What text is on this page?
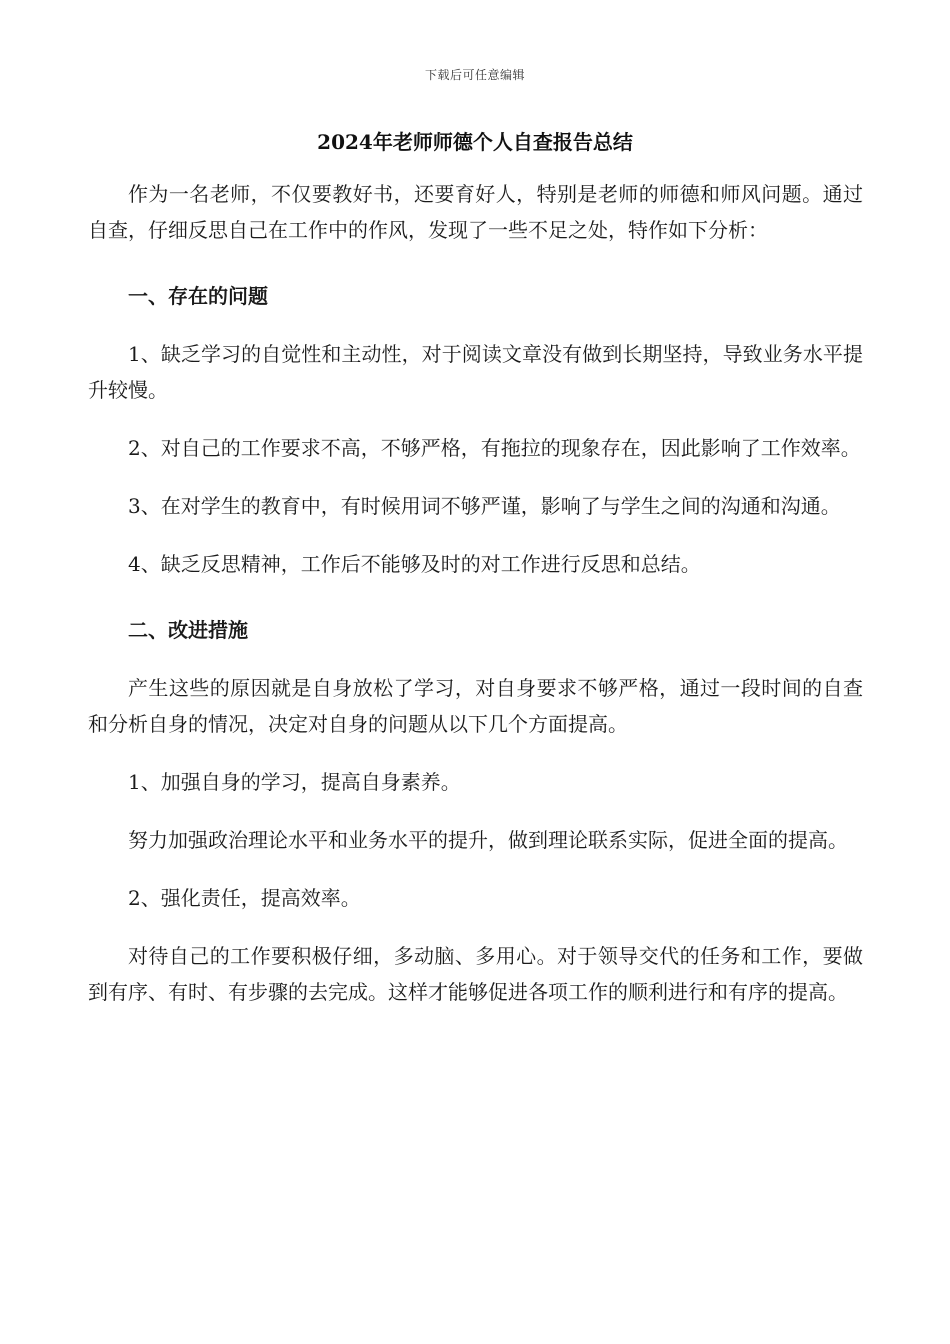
下载后可任意编辑
2024年老师师德个人自查报告总结

作为一名老师，不仅要教好书，还要育好人，特别是老师的师德和师风问题。通过自查，仔细反思自己在工作中的作风，发现了一些不足之处，特作如下分析：

一、存在的问题

1、缺乏学习的自觉性和主动性，对于阅读文章没有做到长期坚持，导致业务水平提升较慢。

2、对自己的工作要求不高，不够严格，有拖拉的现象存在，因此影响了工作效率。

3、在对学生的教育中，有时候用词不够严谨，影响了与学生之间的沟通和沟通。

4、缺乏反思精神，工作后不能够及时的对工作进行反思和总结。

二、改进措施

产生这些的原因就是自身放松了学习，对自身要求不够严格，通过一段时间的自查和分析自身的情况，决定对自身的问题从以下几个方面提高。

1、加强自身的学习，提高自身素养。

努力加强政治理论水平和业务水平的提升，做到理论联系实际，促进全面的提高。

2、强化责任，提高效率。

对待自己的工作要积极仔细，多动脑、多用心。对于领导交代的任务和工作，要做到有序、有时、有步骤的去完成。这样才能够促进各项工作的顺利进行和有序的提高。
